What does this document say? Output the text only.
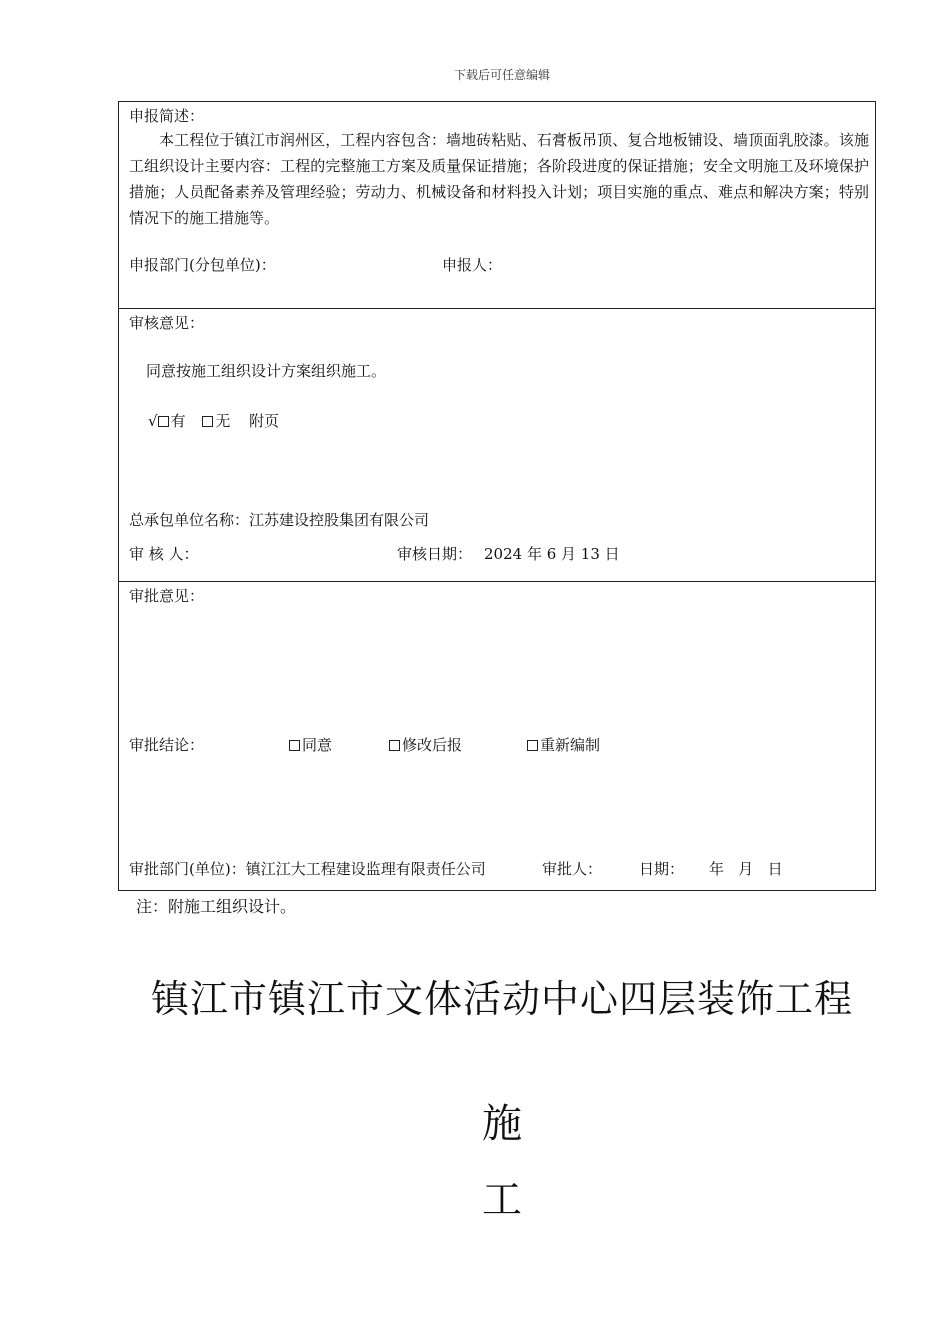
下载后可任意编辑
申报简述：
本工程位于镇江市润州区，工程内容包含：墙地砖粘贴、石膏板吊顶、复合地板铺设、墙顶面乳胶漆。该施工组织设计主要内容：工程的完整施工方案及质量保证措施；各阶段进度的保证措施；安全文明施工及环境保护措施；人员配备素养及管理经验；劳动力、机械设备和材料投入计划；项目实施的重点、难点和解决方案；特别情况下的施工措施等。
申报部门(分包单位)：	申报人：
审核意见：
同意按施工组织设计方案组织施工。
√ 有 无 附页
总承包单位名称：江苏建设控股集团有限公司
审 核 人：	审核日期： 2024 年 6 月 13 日
审批意见：
审批结论：	同意	修改后报	重新编制
审批部门(单位)：镇江江大工程建设监理有限责任公司	审批人： 日期： 年   月   日
注：附施工组织设计。
镇江市镇江市文体活动中心四层装饰工程
施
工
